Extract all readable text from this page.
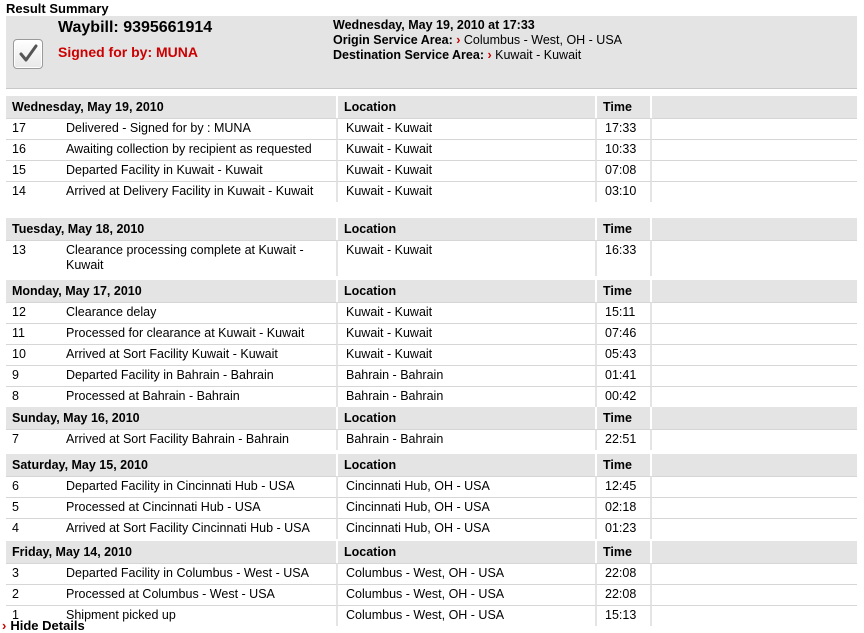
Result Summary
Waybill: 9395661914
Signed for by: MUNA
Wednesday, May 19, 2010 at 17:33
Origin Service Area: › Columbus - West, OH - USA
Destination Service Area: › Kuwait - Kuwait
Wednesday, May 19, 2010		Location	Time	
17	Delivered - Signed for by : MUNA	Kuwait - Kuwait	17:33	
16	Awaiting collection by recipient as requested	Kuwait - Kuwait	10:33	
15	Departed Facility in Kuwait - Kuwait	Kuwait - Kuwait	07:08	
14	Arrived at Delivery Facility in Kuwait - Kuwait	Kuwait - Kuwait	03:10	
Tuesday, May 18, 2010		Location	Time	
13	Clearance processing complete at Kuwait - Kuwait	Kuwait - Kuwait	16:33	
Monday, May 17, 2010		Location	Time	
12	Clearance delay	Kuwait - Kuwait	15:11	
11	Processed for clearance at Kuwait - Kuwait	Kuwait - Kuwait	07:46	
10	Arrived at Sort Facility Kuwait - Kuwait	Kuwait - Kuwait	05:43	
9	Departed Facility in Bahrain - Bahrain	Bahrain - Bahrain	01:41	
8	Processed at Bahrain - Bahrain	Bahrain - Bahrain	00:42	
Sunday, May 16, 2010		Location	Time	
7	Arrived at Sort Facility Bahrain - Bahrain	Bahrain - Bahrain	22:51	
Saturday, May 15, 2010		Location	Time	
6	Departed Facility in Cincinnati Hub - USA	Cincinnati Hub, OH - USA	12:45	
5	Processed at Cincinnati Hub - USA	Cincinnati Hub, OH - USA	02:18	
4	Arrived at Sort Facility Cincinnati Hub - USA	Cincinnati Hub, OH - USA	01:23	
Friday, May 14, 2010		Location	Time	
3	Departed Facility in Columbus - West - USA	Columbus - West, OH - USA	22:08	
2	Processed at Columbus - West - USA	Columbus - West, OH - USA	22:08	
1	Shipment picked up	Columbus - West, OH - USA	15:13	
› Hide Details
